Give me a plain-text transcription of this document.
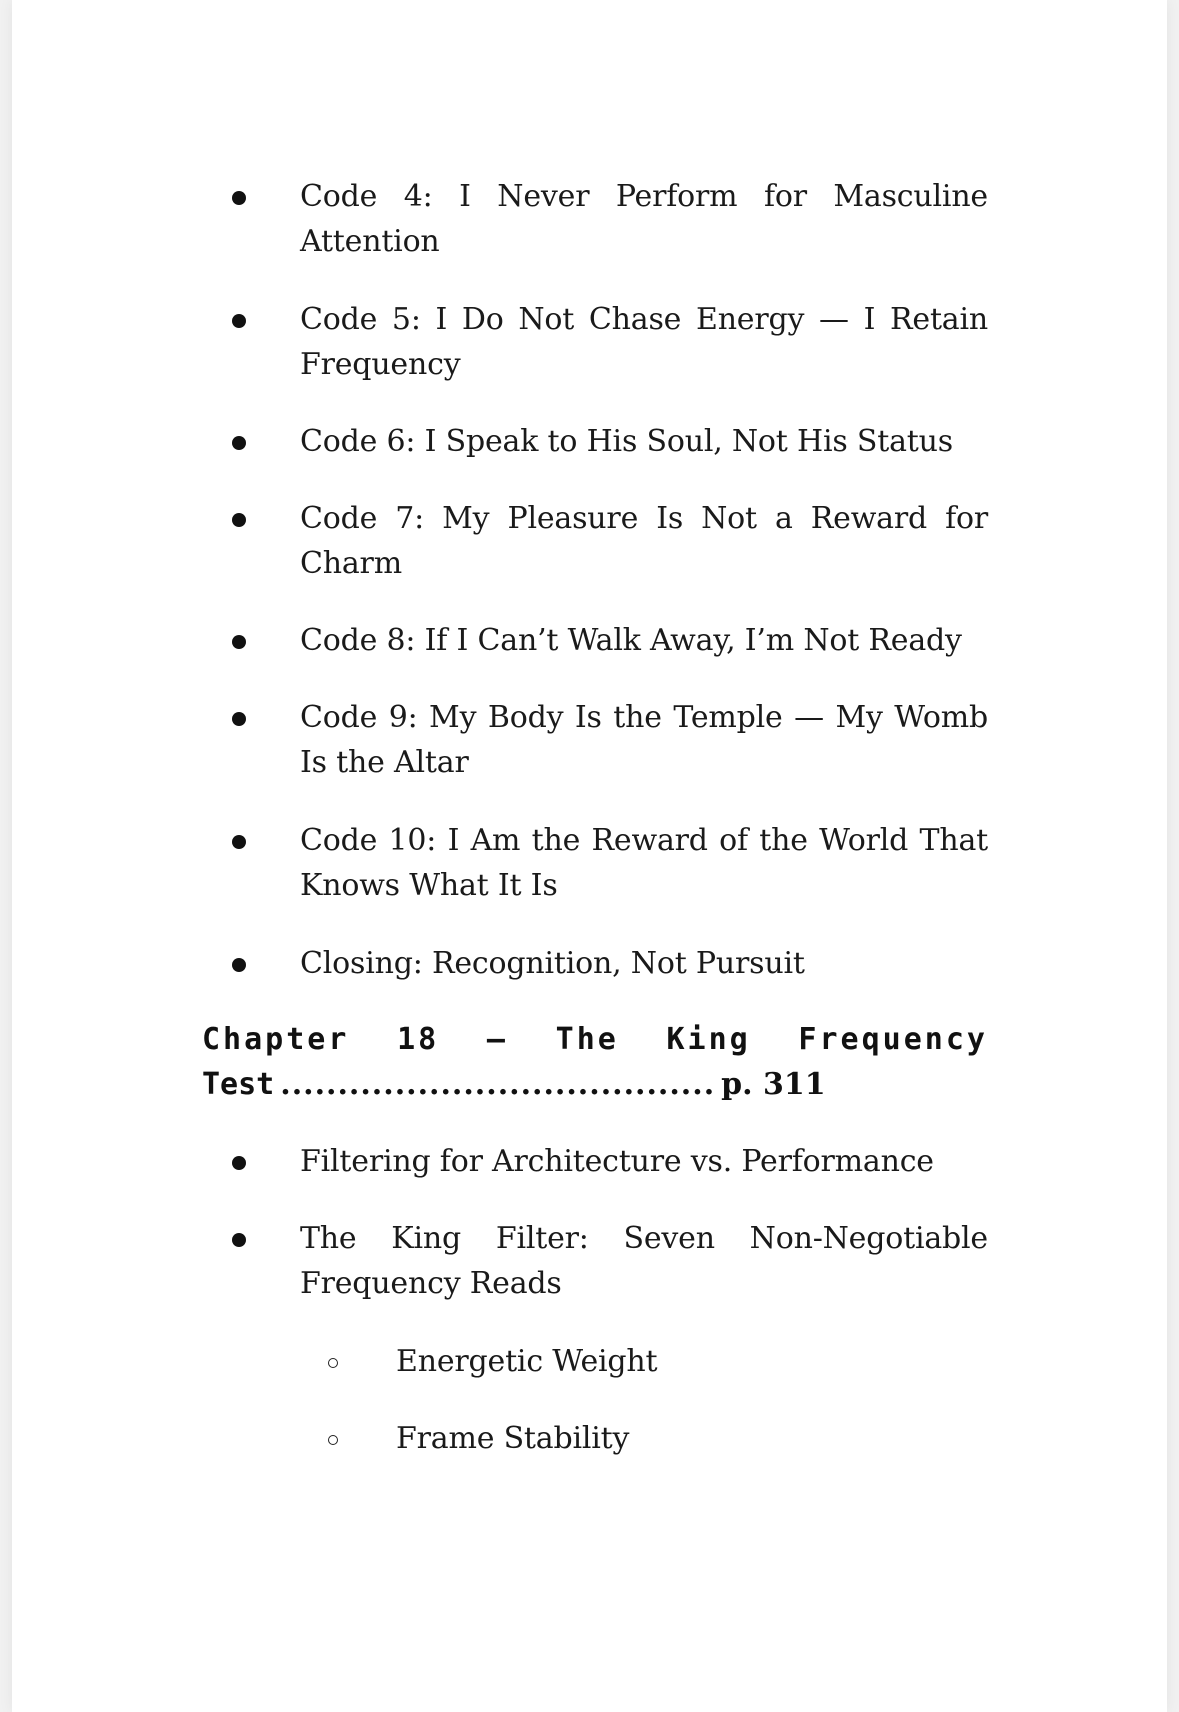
Code 4: I Never Perform for Masculine Attention
Code 5: I Do Not Chase Energy — I Retain Frequency
Code 6: I Speak to His Soul, Not His Status
Code 7: My Pleasure Is Not a Reward for Charm
Code 8: If I Can’t Walk Away, I’m Not Ready
Code 9: My Body Is the Temple — My Womb Is the Altar
Code 10: I Am the Reward of the World That Knows What It Is
Closing: Recognition, Not Pursuit
Chapter 18 — The King Frequency
Test ...................................... p. 311
Filtering for Architecture vs. Performance
The King Filter: Seven Non-Negotiable Frequency Reads
Energetic Weight
Frame Stability
